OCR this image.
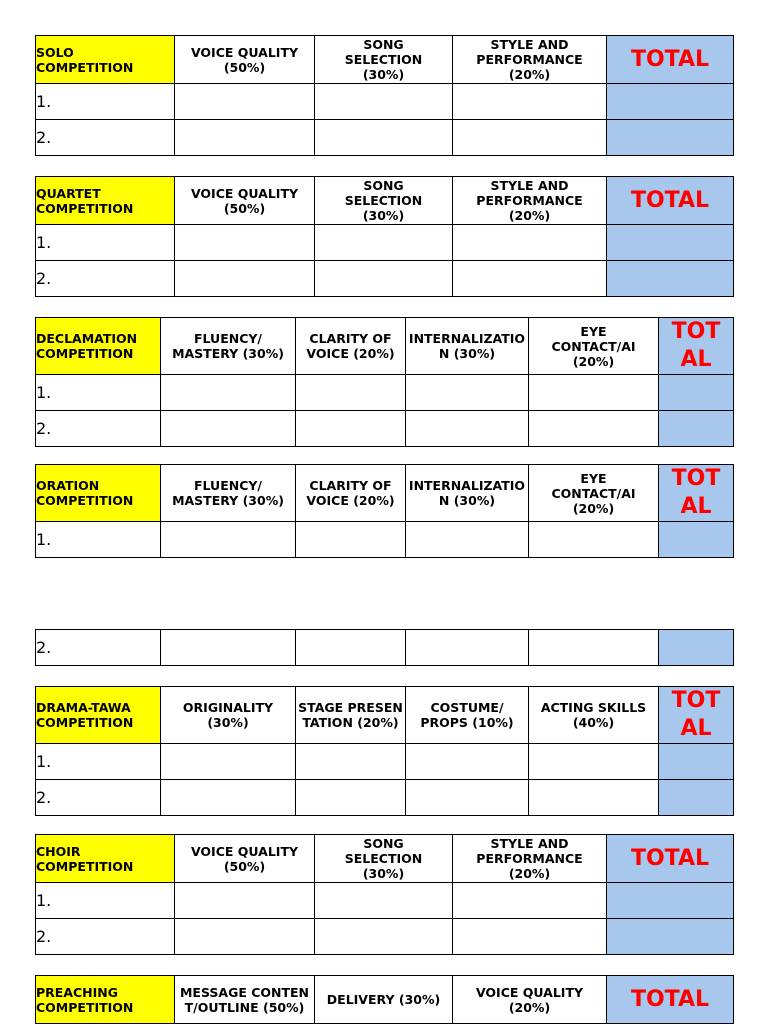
SOLO COMPETITION	VOICE QUALITY (50%)	SONG SELECTION (30%)	STYLE AND PERFORMANCE (20%)	TOTAL
1.				
2.				
QUARTET COMPETITION	VOICE QUALITY (50%)	SONG SELECTION (30%)	STYLE AND PERFORMANCE (20%)	TOTAL
1.				
2.				
DECLAMATION COMPETITION	FLUENCY/ MASTERY (30%)	CLARITY OF VOICE (20%)	INTERNALIZATION (30%)	EYE CONTACT/AI (20%)	TOTAL
1.					
2.					
ORATION COMPETITION	FLUENCY/ MASTERY (30%)	CLARITY OF VOICE (20%)	INTERNALIZATION (30%)	EYE CONTACT/AI (20%)	TOTAL
1.					
2.					
DRAMA-TAWA COMPETITION	ORIGINALITY (30%)	STAGE PRESENTATION (20%)	COSTUME/ PROPS (10%)	ACTING SKILLS (40%)	TOTAL
1.					
2.					
CHOIR COMPETITION	VOICE QUALITY (50%)	SONG SELECTION (30%)	STYLE AND PERFORMANCE (20%)	TOTAL
1.				
2.				
PREACHING COMPETITION	MESSAGE CONTENT/OUTLINE (50%)	DELIVERY (30%)	VOICE QUALITY (20%)	TOTAL
